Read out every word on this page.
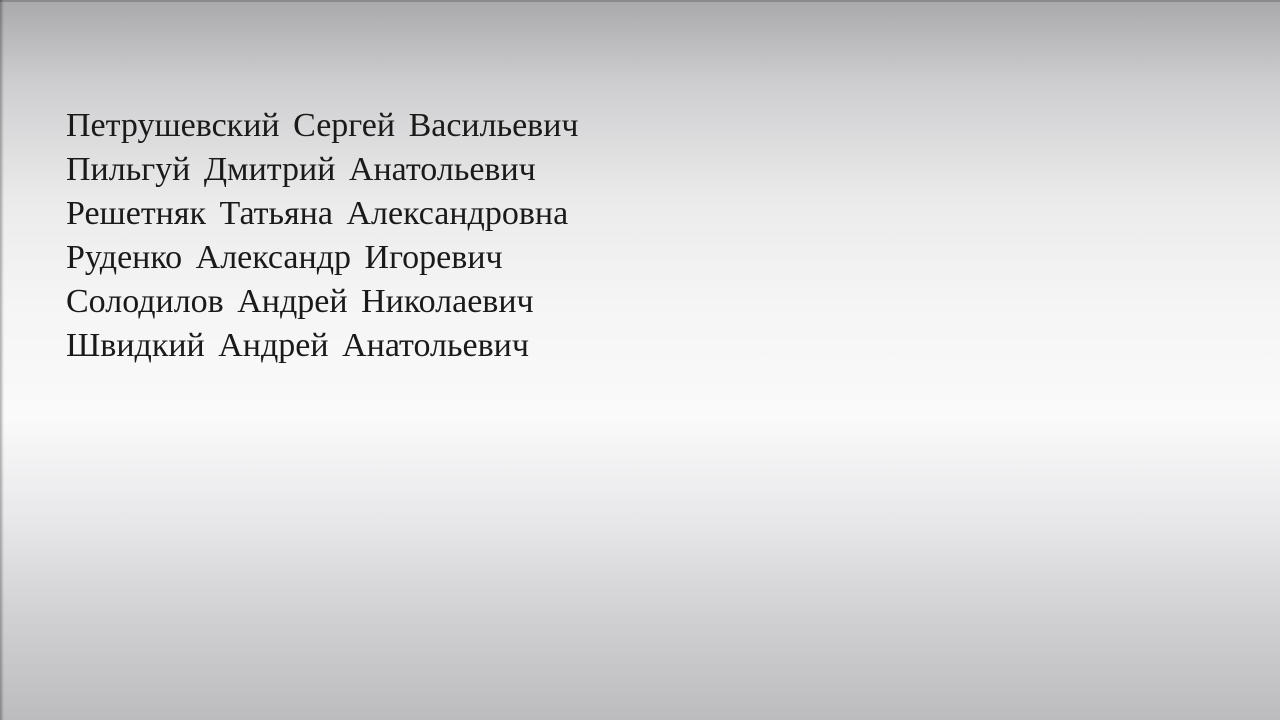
Петрушевский Сергей Васильевич
Пильгуй Дмитрий Анатольевич
Решетняк Татьяна Александровна
Руденко Александр Игоревич
Солодилов Андрей Николаевич
Швидкий Андрей Анатольевич
